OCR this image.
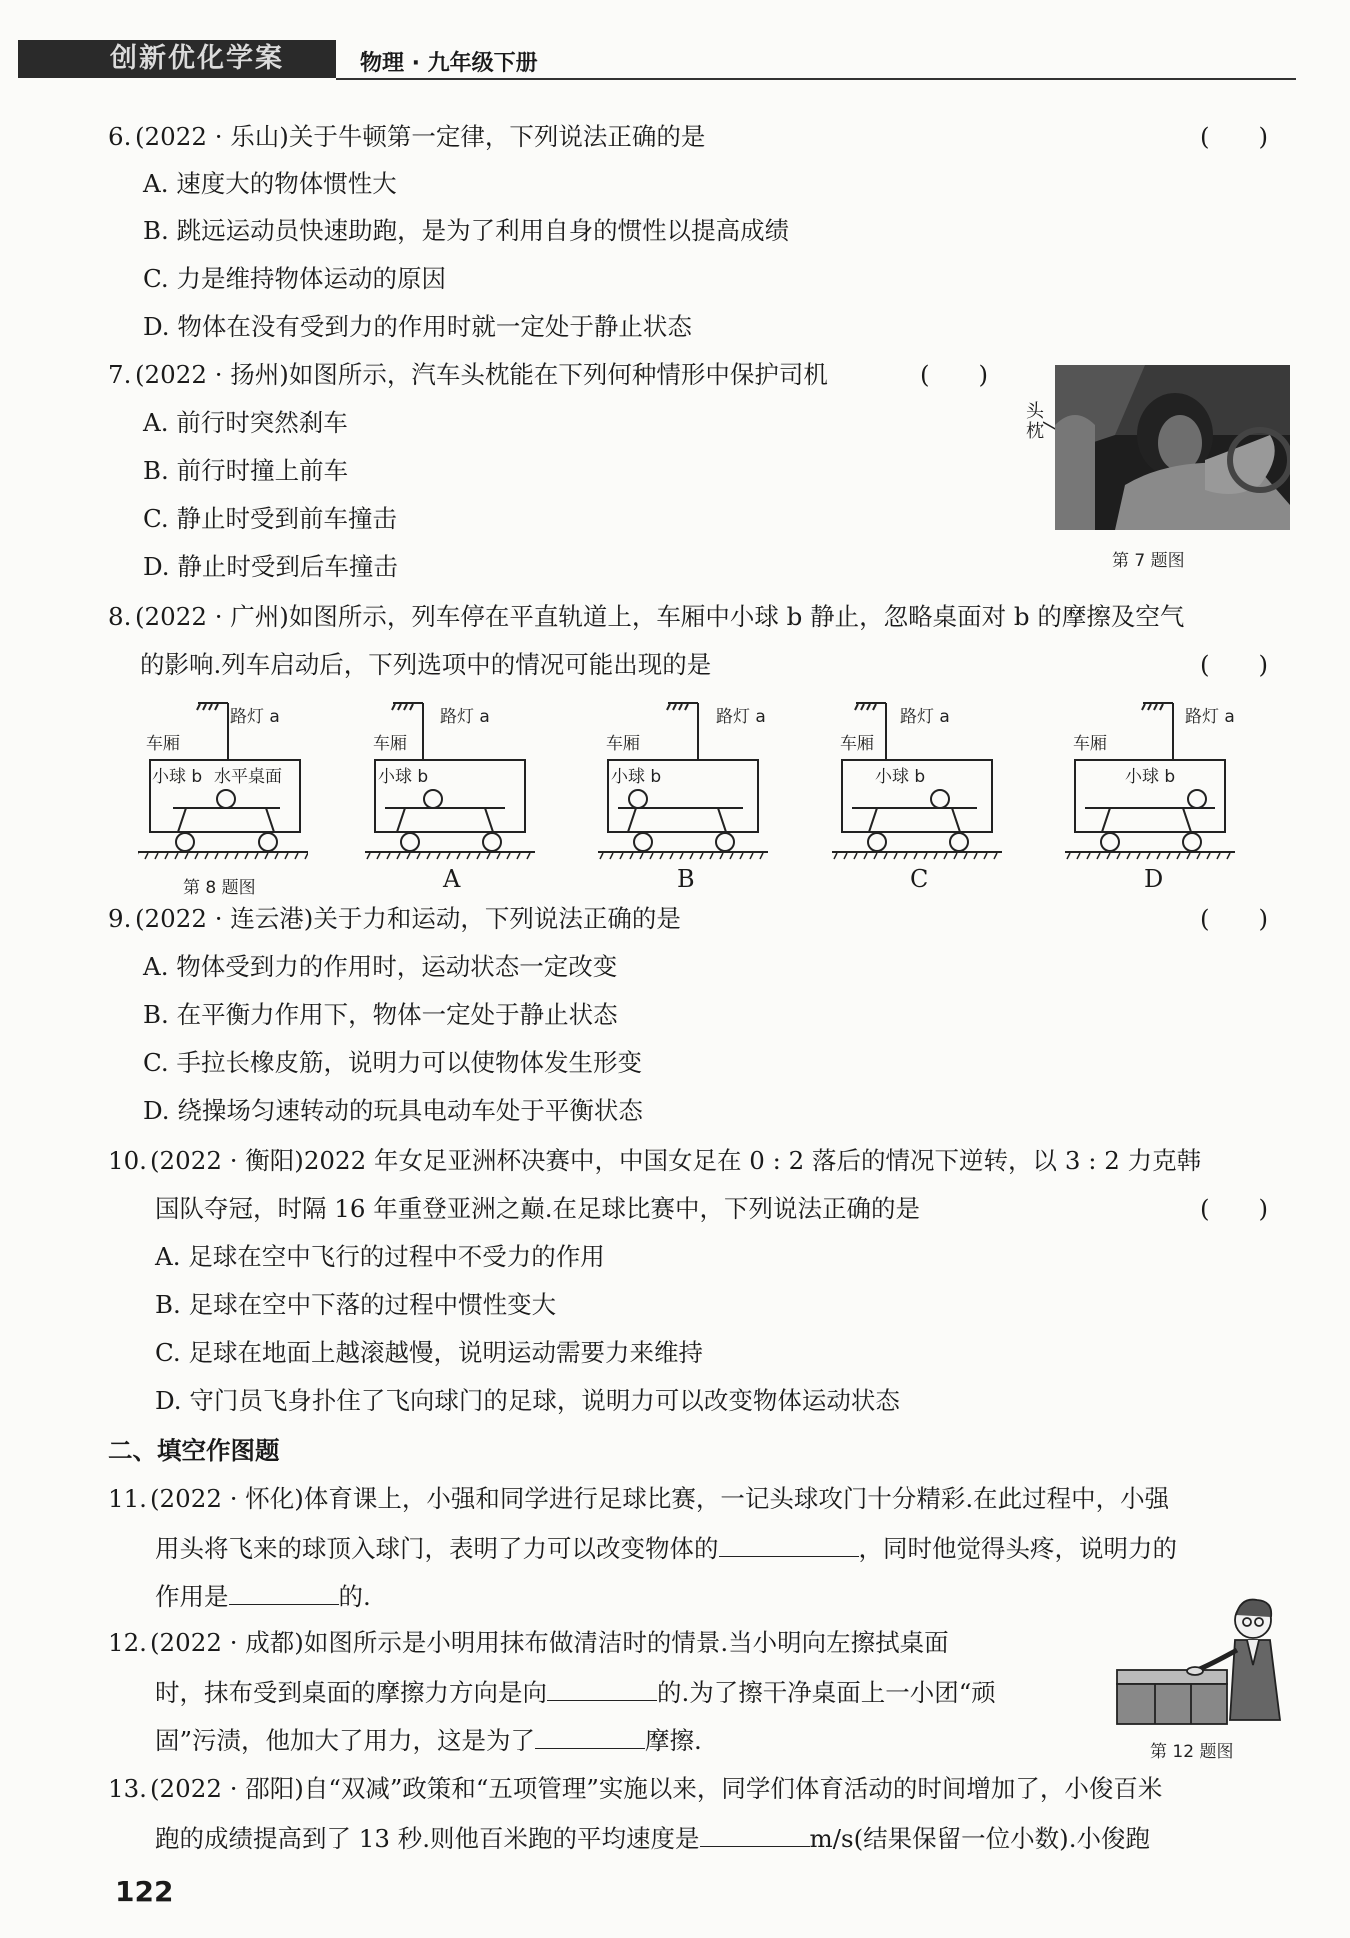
创新优化学案	物理 · 九年级下册
6. (2022 · 乐山)关于牛顿第一定律，下列说法正确的是	(　　)
A. 速度大的物体惯性大
B. 跳远运动员快速助跑，是为了利用自身的惯性以提高成绩
C. 力是维持物体运动的原因
D. 物体在没有受到力的作用时就一定处于静止状态
7. (2022 · 扬州)如图所示，汽车头枕能在下列何种情形中保护司机	(　　)
A. 前行时突然刹车
B. 前行时撞上前车
C. 静止时受到前车撞击
D. 静止时受到后车撞击
头
枕
第 7 题图
8. (2022 · 广州)如图所示，列车停在平直轨道上，车厢中小球 b 静止，忽略桌面对 b 的摩擦及空气
的影响.列车启动后，下列选项中的情况可能出现的是	(　　)
路灯 a
车厢
小球 b 水平桌面
第 8 题图
路灯 a
车厢
小球 b
A
路灯 a
车厢
小球 b
B
路灯 a
车厢
小球 b
C
路灯 a
车厢
小球 b
D
9. (2022 · 连云港)关于力和运动，下列说法正确的是	(　　)
A. 物体受到力的作用时，运动状态一定改变
B. 在平衡力作用下，物体一定处于静止状态
C. 手拉长橡皮筋，说明力可以使物体发生形变
D. 绕操场匀速转动的玩具电动车处于平衡状态
10. (2022 · 衡阳)2022 年女足亚洲杯决赛中，中国女足在 0 : 2 落后的情况下逆转，以 3 : 2 力克韩
国队夺冠，时隔 16 年重登亚洲之巅.在足球比赛中，下列说法正确的是	(　　)
A. 足球在空中飞行的过程中不受力的作用
B. 足球在空中下落的过程中惯性变大
C. 足球在地面上越滚越慢，说明运动需要力来维持
D. 守门员飞身扑住了飞向球门的足球，说明力可以改变物体运动状态
二、填空作图题
11. (2022 · 怀化)体育课上，小强和同学进行足球比赛，一记头球攻门十分精彩.在此过程中，小强
用头将飞来的球顶入球门，表明了力可以改变物体的	，同时他觉得头疼，说明力的
作用是	的.
12. (2022 · 成都)如图所示是小明用抹布做清洁时的情景.当小明向左擦拭桌面
时，抹布受到桌面的摩擦力方向是向	的.为了擦干净桌面上一小团“顽
固”污渍，他加大了用力，这是为了	摩擦.	第 12 题图
13. (2022 · 邵阳)自“双减”政策和“五项管理”实施以来，同学们体育活动的时间增加了，小俊百米
跑的成绩提高到了 13 秒.则他百米跑的平均速度是	m/s(结果保留一位小数).小俊跑
122
